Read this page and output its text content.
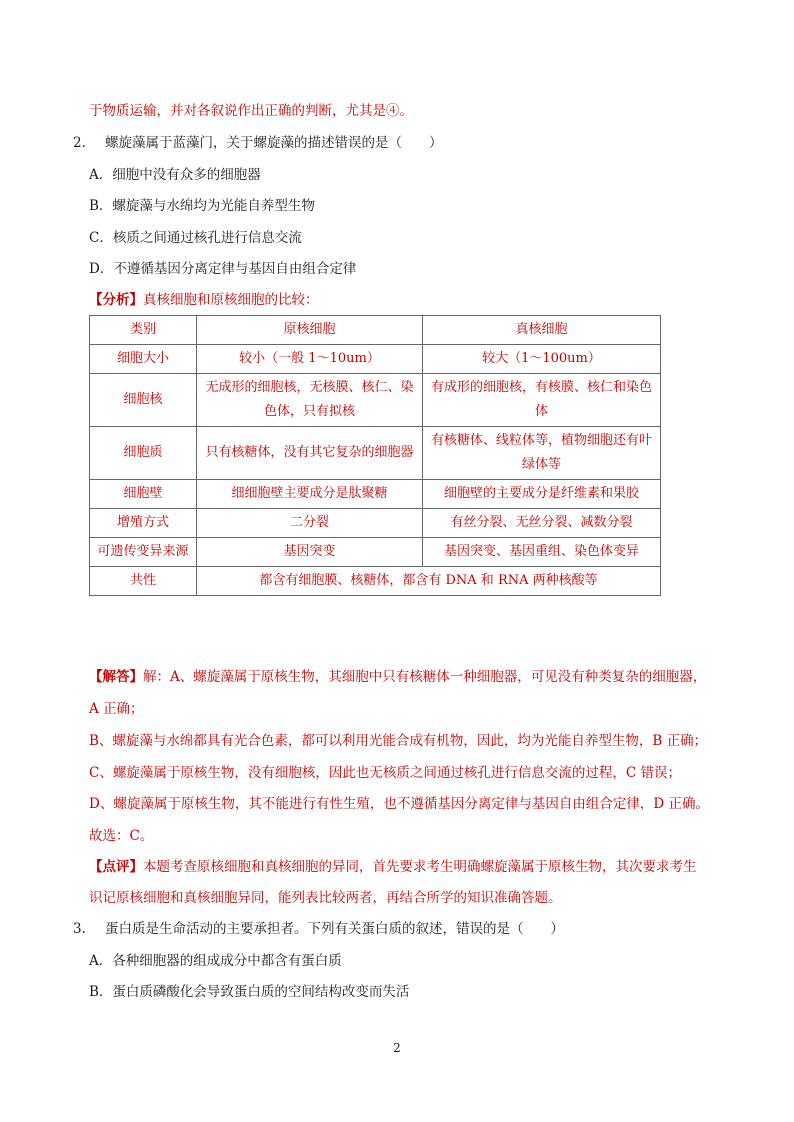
于物质运输，并对各叙说作出正确的判断，尤其是④。
2. 螺旋藻属于蓝藻门，关于螺旋藻的描述错误的是（　　）
A．细胞中没有众多的细胞器
B．螺旋藻与水绵均为光能自养型生物
C．核质之间通过核孔进行信息交流
D．不遵循基因分离定律与基因自由组合定律
【分析】真核细胞和原核细胞的比较：
类别	原核细胞	真核细胞
细胞大小	较小（一般 1～10um）	较大（1～100um）
细胞核	无成形的细胞核，无核膜、核仁、染色体，只有拟核	有成形的细胞核，有核膜、核仁和染色体
细胞质	只有核糖体，没有其它复杂的细胞器	有核糖体、线粒体等，植物细胞还有叶绿体等
细胞壁	细细胞壁主要成分是肽聚糖	细胞壁的主要成分是纤维素和果胶
增殖方式	二分裂	有丝分裂、无丝分裂、减数分裂
可遗传变异来源	基因突变	基因突变、基因重组、染色体变异
共性	都含有细胞膜、核糖体，都含有 DNA 和 RNA 两种核酸等	
【解答】解：A、螺旋藻属于原核生物，其细胞中只有核糖体一种细胞器，可见没有种类复杂的细胞器，
A 正确；
B、螺旋藻与水绵都具有光合色素，都可以利用光能合成有机物，因此，均为光能自养型生物，B 正确；
C、螺旋藻属于原核生物，没有细胞核，因此也无核质之间通过核孔进行信息交流的过程，C 错误；
D、螺旋藻属于原核生物，其不能进行有性生殖，也不遵循基因分离定律与基因自由组合定律，D 正确。
故选：C。
【点评】本题考查原核细胞和真核细胞的异同，首先要求考生明确螺旋藻属于原核生物，其次要求考生
识记原核细胞和真核细胞异同，能列表比较两者，再结合所学的知识准确答题。
3. 蛋白质是生命活动的主要承担者。下列有关蛋白质的叙述，错误的是（　　）
A．各种细胞器的组成成分中都含有蛋白质
B．蛋白质磷酸化会导致蛋白质的空间结构改变而失活
2
